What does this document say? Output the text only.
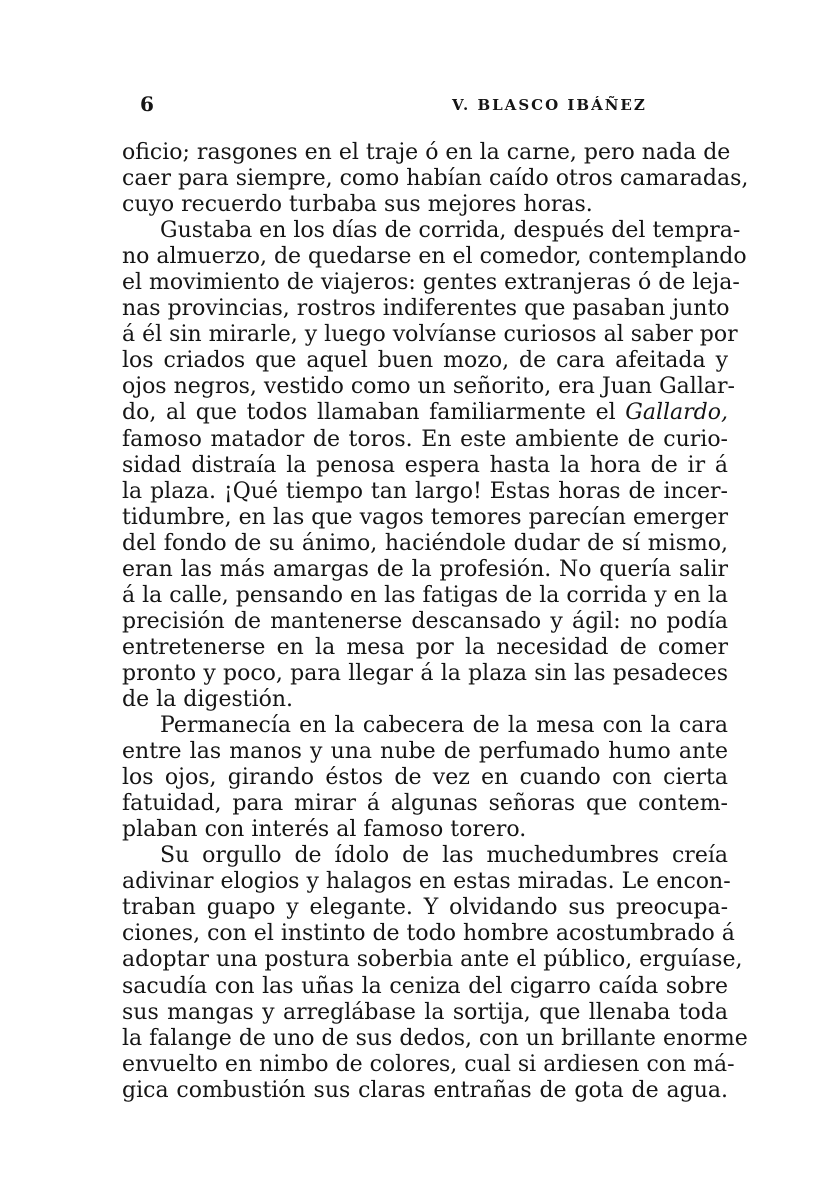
6	V. BLASCO IBÁÑEZ
oficio; rasgones en el traje ó en la carne, pero nada de
caer para siempre, como habían caído otros camaradas,
cuyo recuerdo turbaba sus mejores horas.
Gustaba en los días de corrida, después del tempra-
no almuerzo, de quedarse en el comedor, contemplando
el movimiento de viajeros: gentes extranjeras ó de leja-
nas provincias, rostros indiferentes que pasaban junto
á él sin mirarle, y luego volvíanse curiosos al saber por
los criados que aquel buen mozo, de cara afeitada y
ojos negros, vestido como un señorito, era Juan Gallar-
do, al que todos llamaban familiarmente el Gallardo,
famoso matador de toros. En este ambiente de curio-
sidad distraía la penosa espera hasta la hora de ir á
la plaza. ¡Qué tiempo tan largo! Estas horas de incer-
tidumbre, en las que vagos temores parecían emerger
del fondo de su ánimo, haciéndole dudar de sí mismo,
eran las más amargas de la profesión. No quería salir
á la calle, pensando en las fatigas de la corrida y en la
precisión de mantenerse descansado y ágil: no podía
entretenerse en la mesa por la necesidad de comer
pronto y poco, para llegar á la plaza sin las pesadeces
de la digestión.
Permanecía en la cabecera de la mesa con la cara
entre las manos y una nube de perfumado humo ante
los ojos, girando éstos de vez en cuando con cierta
fatuidad, para mirar á algunas señoras que contem-
plaban con interés al famoso torero.
Su orgullo de ídolo de las muchedumbres creía
adivinar elogios y halagos en estas miradas. Le encon-
traban guapo y elegante. Y olvidando sus preocupa-
ciones, con el instinto de todo hombre acostumbrado á
adoptar una postura soberbia ante el público, erguíase,
sacudía con las uñas la ceniza del cigarro caída sobre
sus mangas y arreglábase la sortija, que llenaba toda
la falange de uno de sus dedos, con un brillante enorme
envuelto en nimbo de colores, cual si ardiesen con má-
gica combustión sus claras entrañas de gota de agua.
